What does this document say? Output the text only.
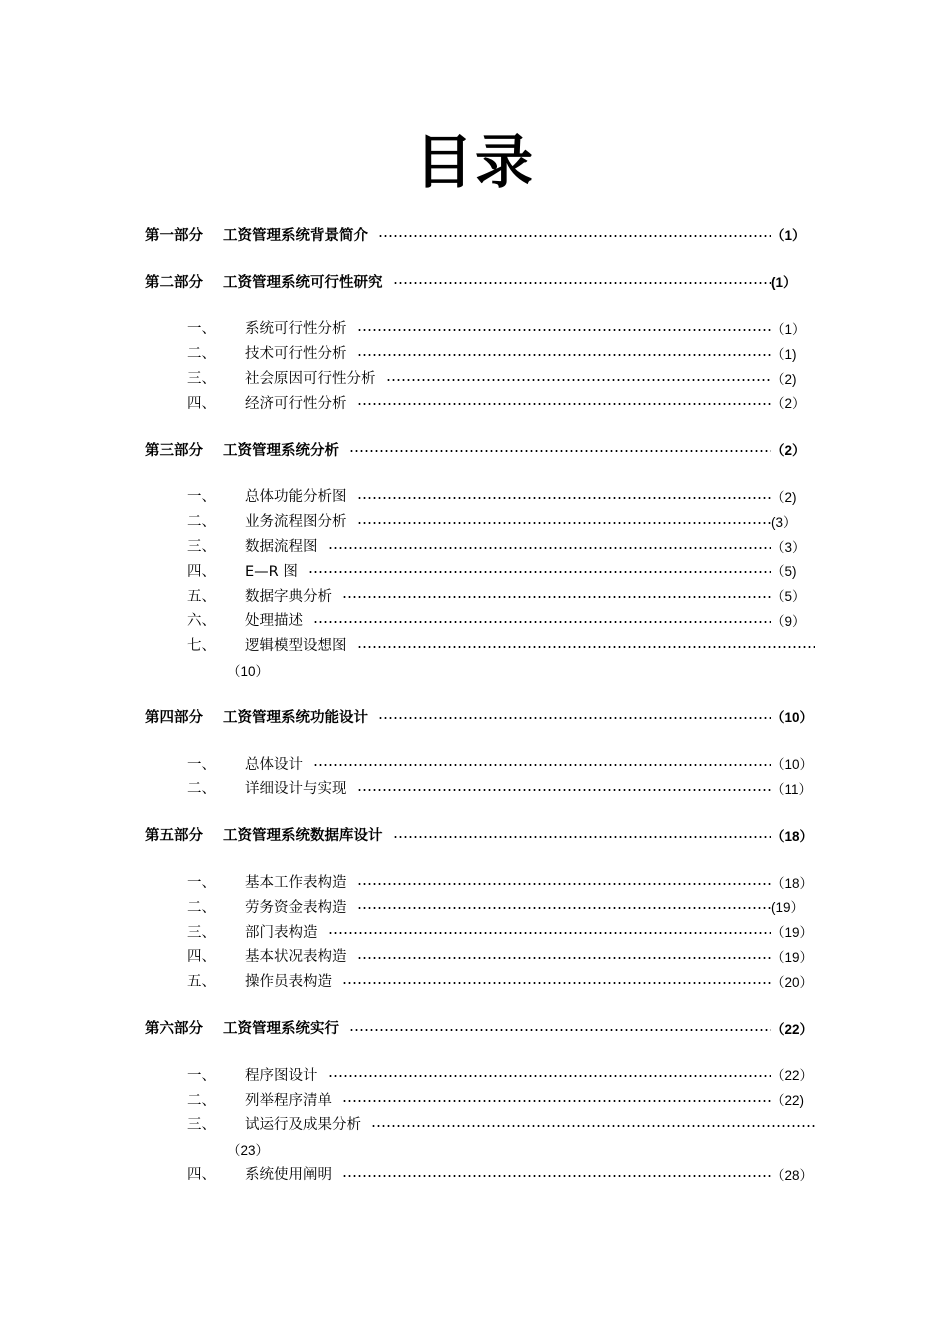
目录
第一部分	工资管理系统背景简介	（1）
第二部分	工资管理系统可行性研究	(1）
一、	系统可行性分析	（1）
二、	技术可行性分析	（1)
三、	社会原因可行性分析	（2)
四、	经济可行性分析	（2）
第三部分	工资管理系统分析	（2）
一、	总体功能分析图	（2)
二、	业务流程图分析	(3）
三、	数据流程图	（3）
四、	E—R 图	（5)
五、	数据字典分析	（5）
六、	处理描述	（9）
七、	逻辑模型设想图
（10）
第四部分	工资管理系统功能设计	（10）
一、	总体设计	（10）
二、	详细设计与实现	（11）
第五部分	工资管理系统数据库设计	（18）
一、	基本工作表构造	（18）
二、	劳务资金表构造	(19）
三、	部门表构造	（19）
四、	基本状况表构造	（19）
五、	操作员表构造	（20）
第六部分	工资管理系统实行	（22）
一、	程序图设计	（22）
二、	列举程序清单	（22)
三、	试运行及成果分析
（23）
四、	系统使用阐明	（28）
